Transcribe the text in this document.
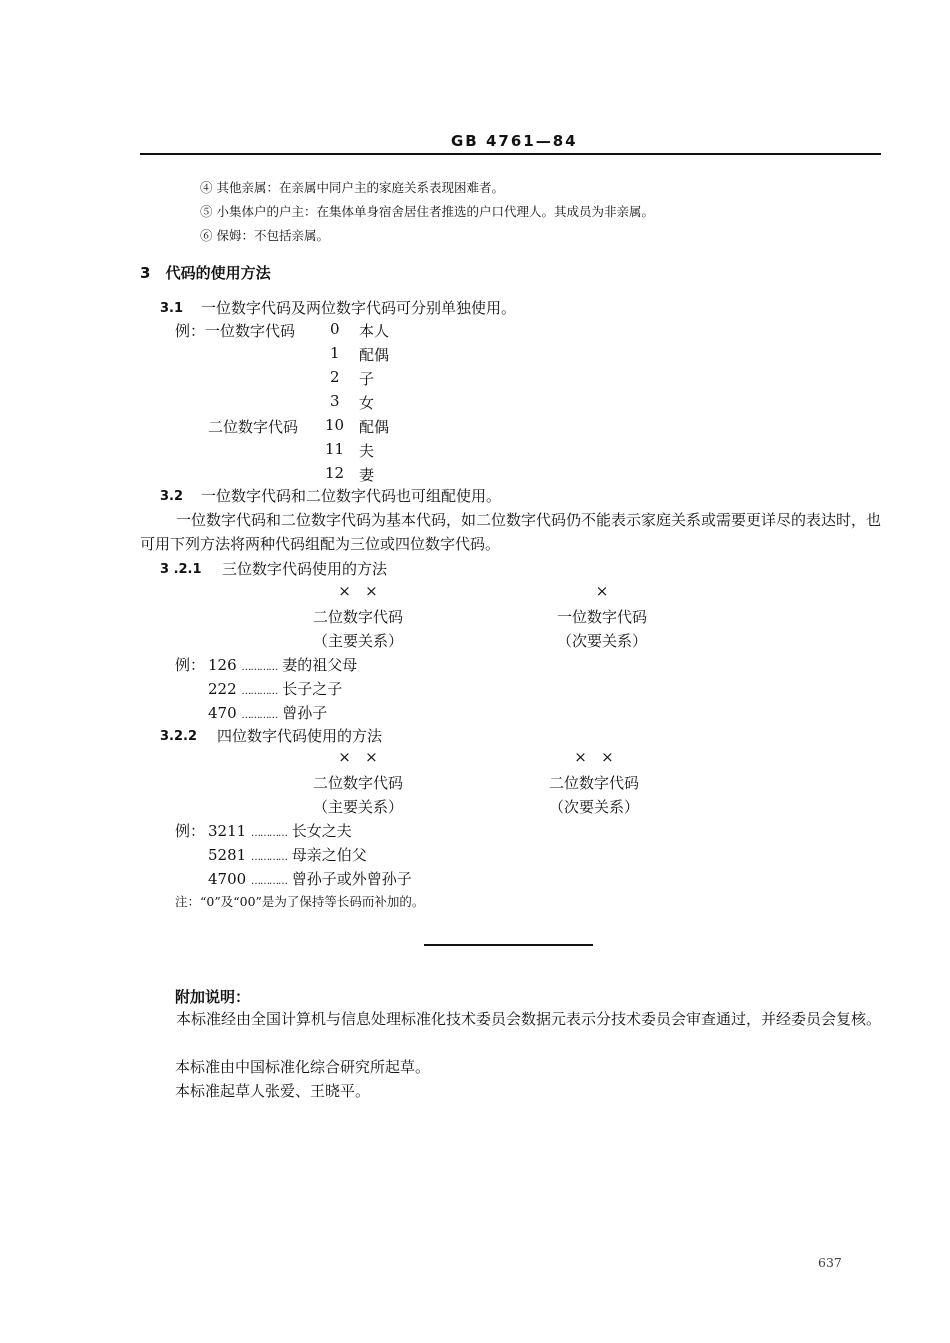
GB 4761—84
④ 其他亲属：在亲属中同户主的家庭关系表现困难者。
⑤ 小集体户的户主：在集体单身宿舍居住者推选的户口代理人。其成员为非亲属。
⑥ 保姆：不包括亲属。
3 代码的使用方法
3.1 一位数字代码及两位数字代码可分别单独使用。
例：一位数字代码 0 本人
1 配偶
2 子
3 女
二位数字代码 10 配偶
11 夫
12 妻
3.2 一位数字代码和二位数字代码也可组配使用。
一位数字代码和二位数字代码为基本代码，如二位数字代码仍不能表示家庭关系或需要更详尽的表达时，也可用下列方法将两种代码组配为三位或四位数字代码。
3 .2.1 三位数字代码使用的方法
×   ×
二位数字代码
（主要关系）
×
一位数字代码
（次要关系）
例： 126 ………… 妻的祖父母
222 ………… 长子之子
470 ………… 曾孙子
3.2.2 四位数字代码使用的方法
×   ×
二位数字代码
（主要关系）
×   ×
二位数字代码
（次要关系）
例： 3211 ………… 长女之夫
5281 ………… 母亲之伯父
4700 ………… 曾孙子或外曾孙子
注：“0”及“00”是为了保持等长码而补加的。
附加说明：
本标准经由全国计算机与信息处理标准化技术委员会数据元表示分技术委员会审查通过，并经委员会复核。
本标准由中国标准化综合研究所起草。
本标准起草人张爱、王晓平。
637
